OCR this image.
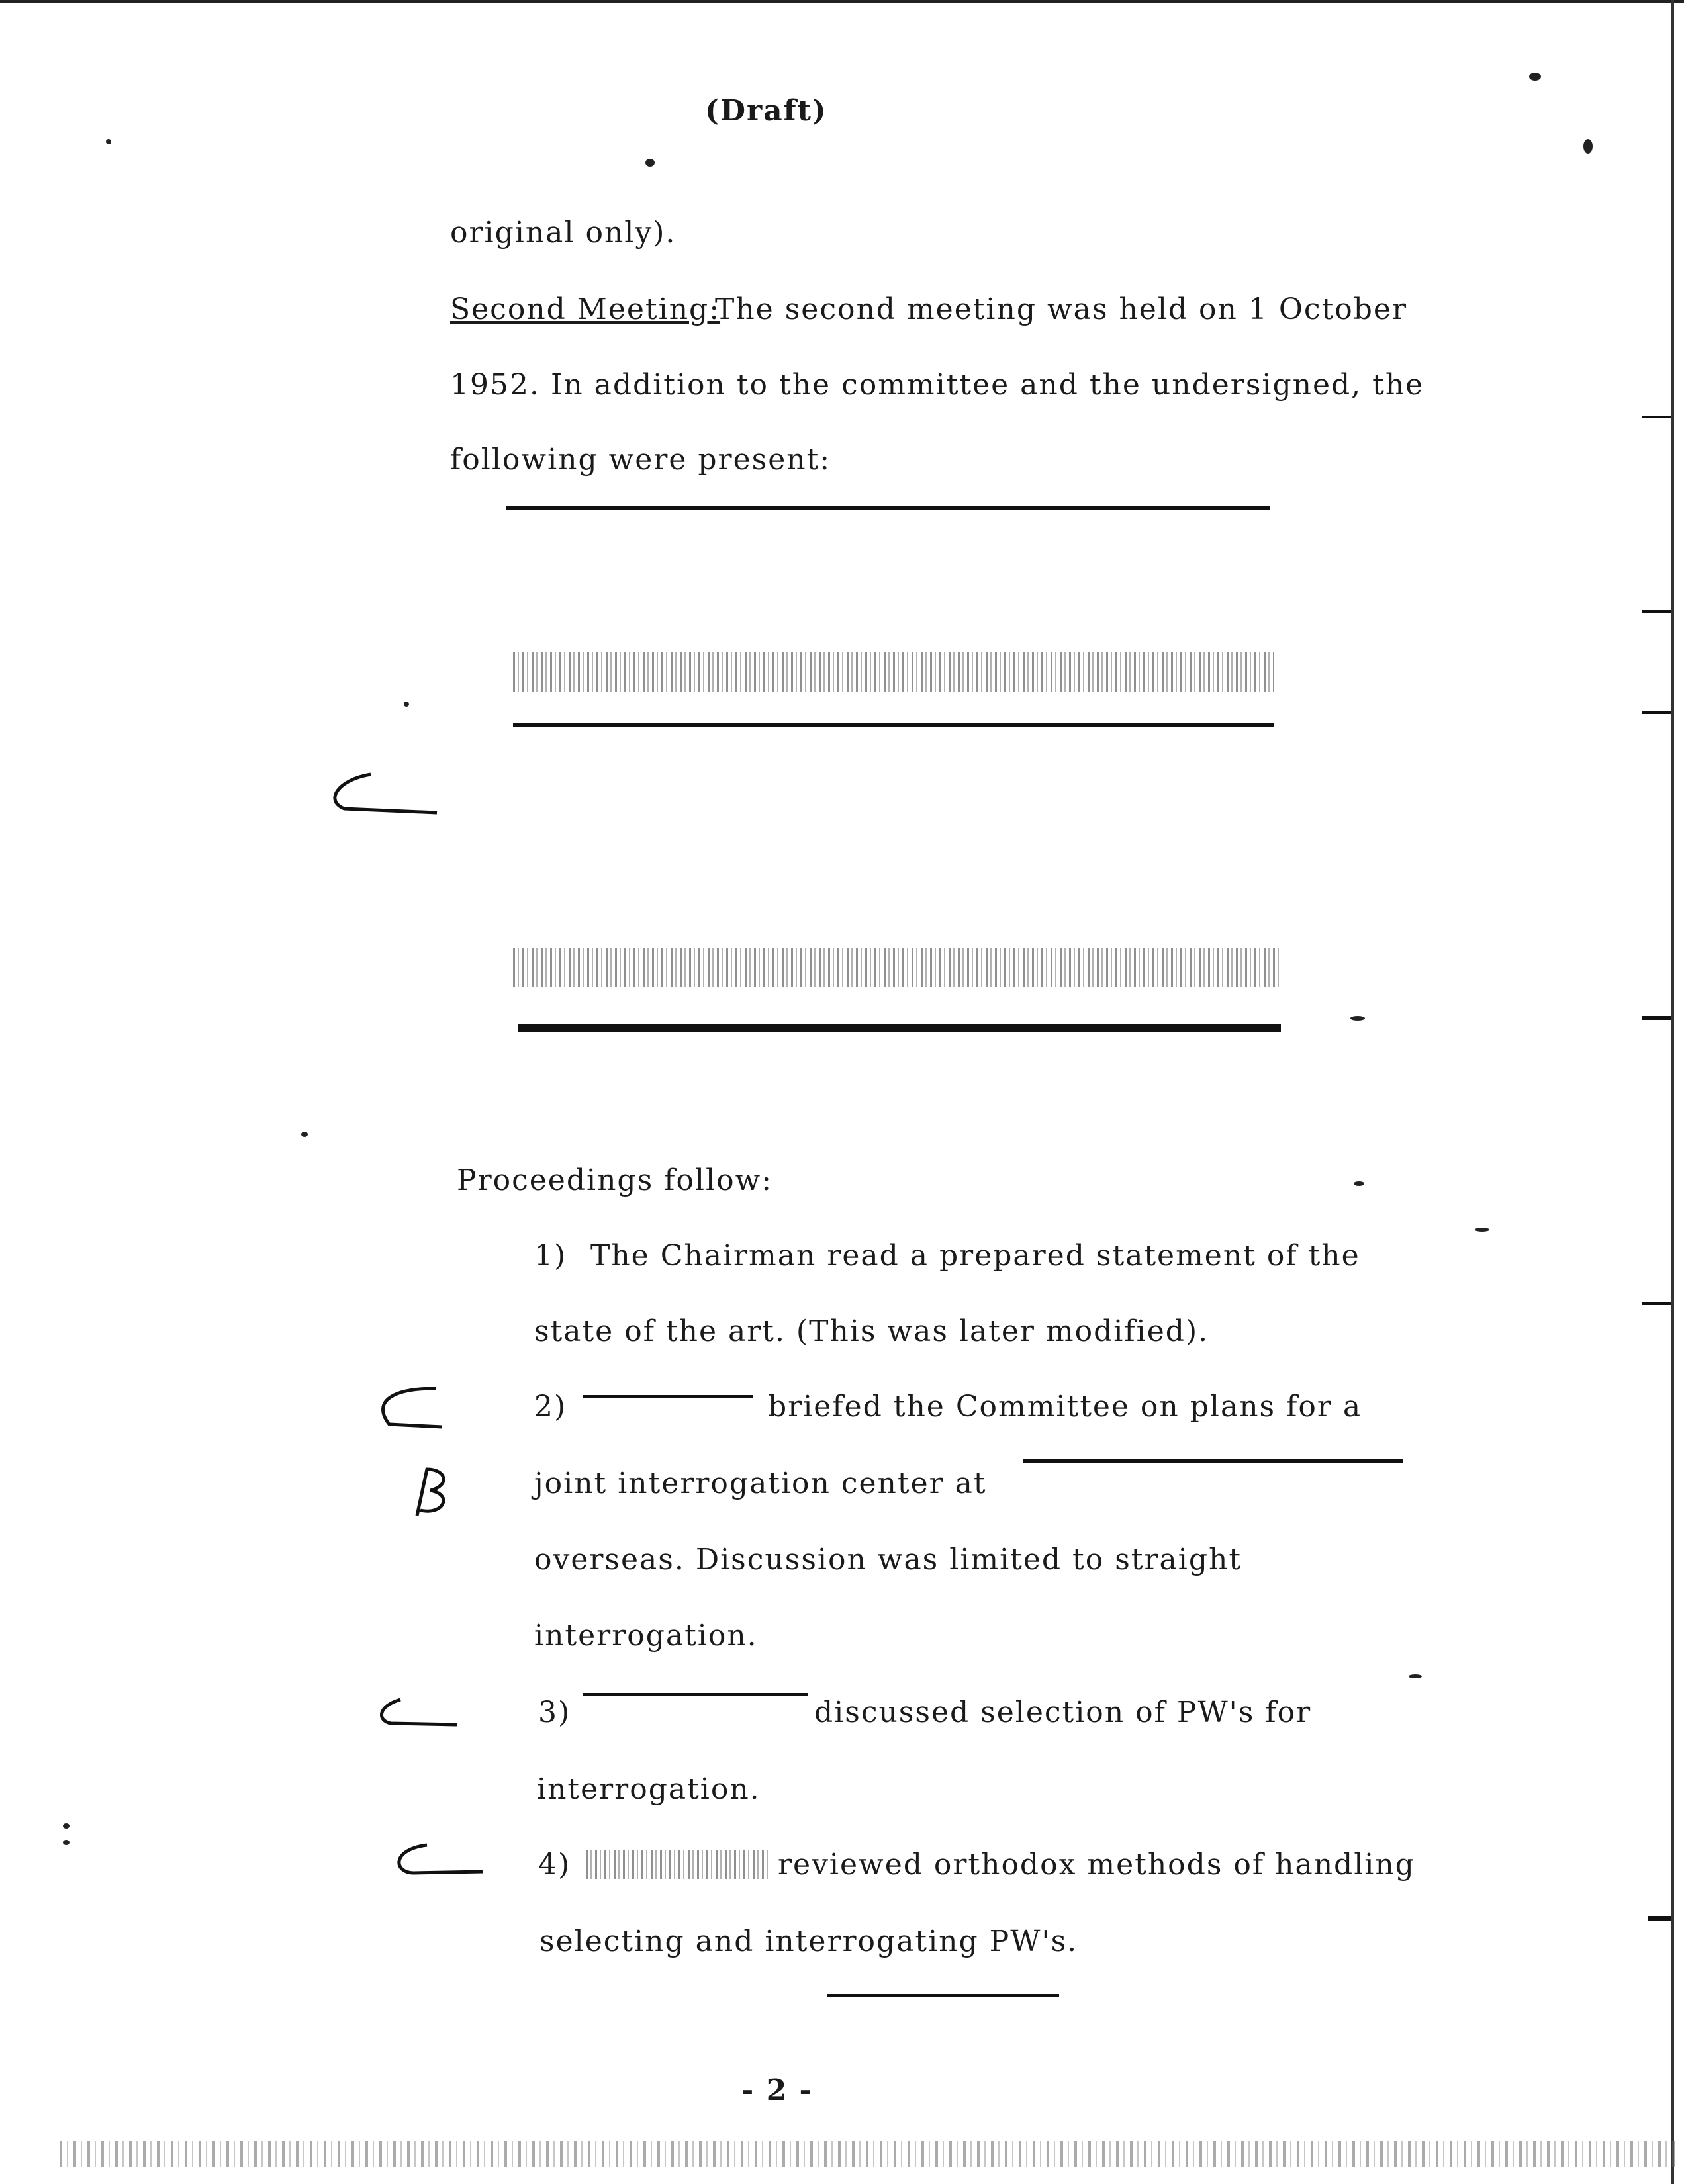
(Draft)
original only).
Second Meeting:
The second meeting was held on 1 October
1952. In addition to the committee and the undersigned, the
following were present:
Proceedings follow:
1) The Chairman read a prepared statement of the
state of the art. (This was later modified).
2)	briefed the Committee on plans for a
joint interrogation center at
overseas. Discussion was limited to straight
interrogation.
3)	discussed selection of PW's for
interrogation.
4)	reviewed orthodox methods of handling
selecting and interrogating PW's.
- 2 -
